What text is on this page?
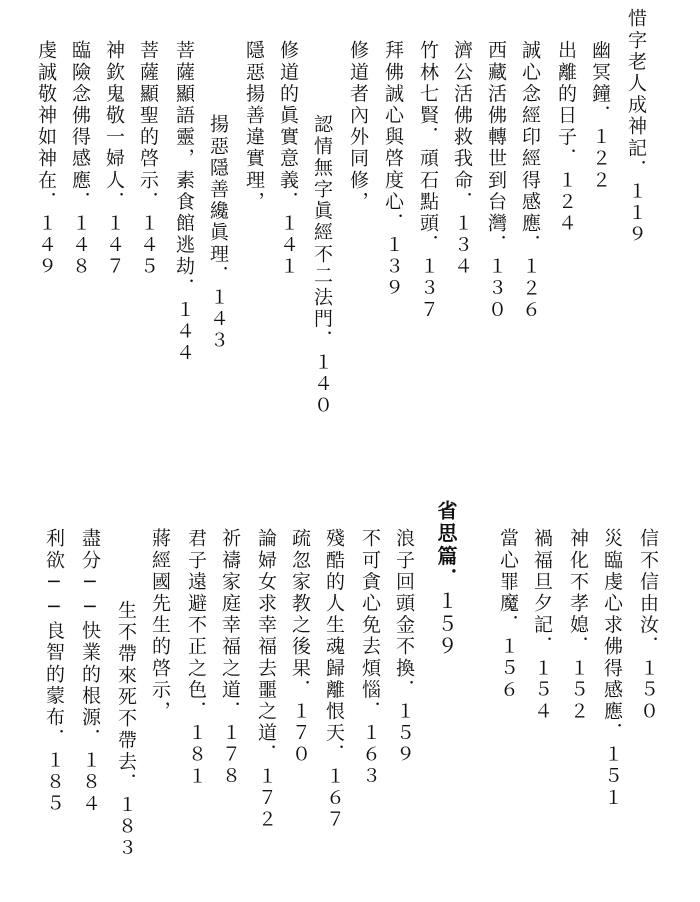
惜字老人成神記．１１９
幽冥鐘．１２２
出離的日子．１２４
誠心念經印經得感應．１２６
西藏活佛轉世到台灣．１３０
濟公活佛救我命．１３４
竹林七賢．頑石點頭．１３７
拜佛誠心與啓度心．１３９
修道者內外同修，
認情無字眞經不二法門．１４０
修道的眞實意義．１４１
隱惡揚善違實理，
揚惡隱善纔眞理．１４３
菩薩顯語靈，素食館逃劫．１４４
菩薩顯聖的啓示．１４５
神欽鬼敬一婦人．１４７
臨險念佛得感應．１４８
虔誠敬神如神在．１４９
信不信由汝．１５０
災臨虔心求佛得感應．１５１
神化不孝媳．１５２
禍福旦夕記．１５４
當心罪魔．１５６
省思篇．１５９
浪子回頭金不換．１５９
不可貪心免去煩惱．１６３
殘酷的人生魂歸離恨天．１６７
疏忽家教之後果．１７０
論婦女求幸福去噩之道．１７２
祈禱家庭幸福之道．１７８
君子遠避不正之色．１８１
蔣經國先生的啓示，
生不帶來死不帶去．１８３
盡分──快業的根源．１８４
利欲──良智的蒙布．１８５
